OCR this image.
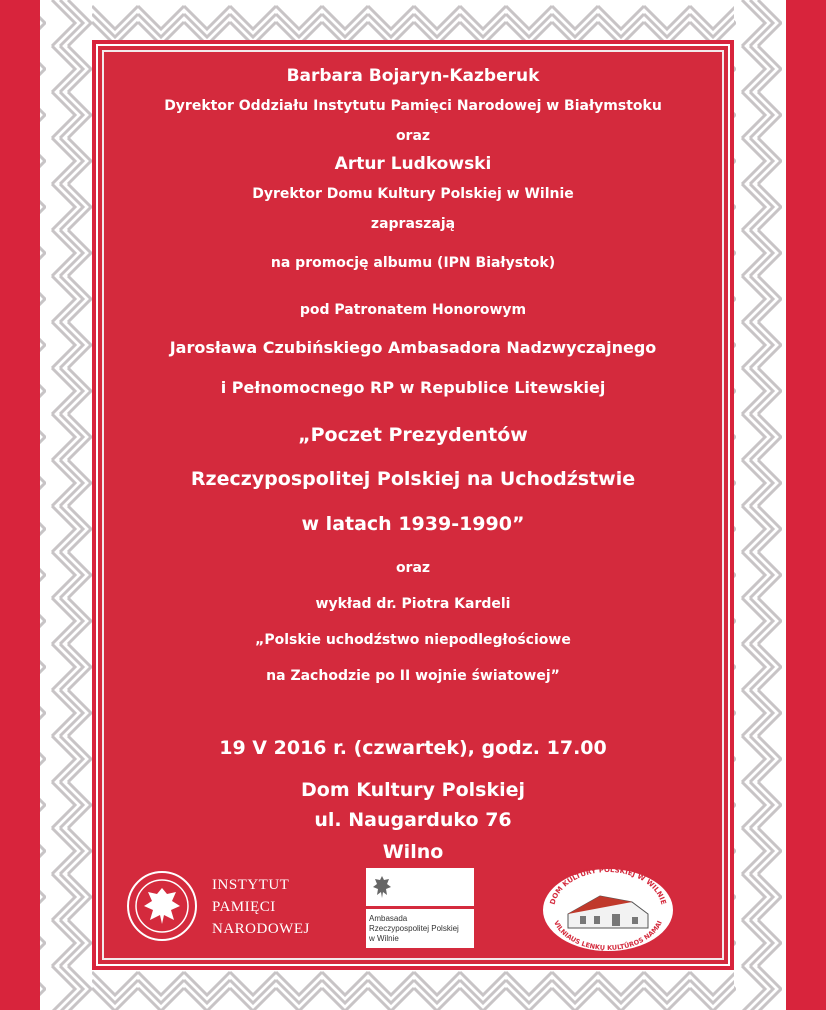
Barbara Bojaryn-Kazberuk
Dyrektor Oddziału Instytutu Pamięci Narodowej w Białymstoku
oraz
Artur Ludkowski
Dyrektor Domu Kultury Polskiej w Wilnie
zapraszają
na promocję albumu (IPN Białystok)
pod Patronatem Honorowym
Jarosława Czubińskiego Ambasadora Nadzwyczajnego
i Pełnomocnego RP w Republice Litewskiej
„Poczet Prezydentów
Rzeczypospolitej Polskiej na Uchodźstwie
w latach 1939-1990”
oraz
wykład dr. Piotra Kardeli
„Polskie uchodźstwo niepodległościowe
na Zachodzie po II wojnie światowej”
19 V 2016 r. (czwartek), godz. 17.00
Dom Kultury Polskiej
ul. Naugarduko 76
Wilno
INSTYTUT
PAMIĘCI
NARODOWEJ
Ambasada
Rzeczypospolitej Polskiej
w Wilnie
DOM KULTURY POLSKIEJ W WILNIE
VILNIAUS LENKŲ KULTŪROS NAMAI
